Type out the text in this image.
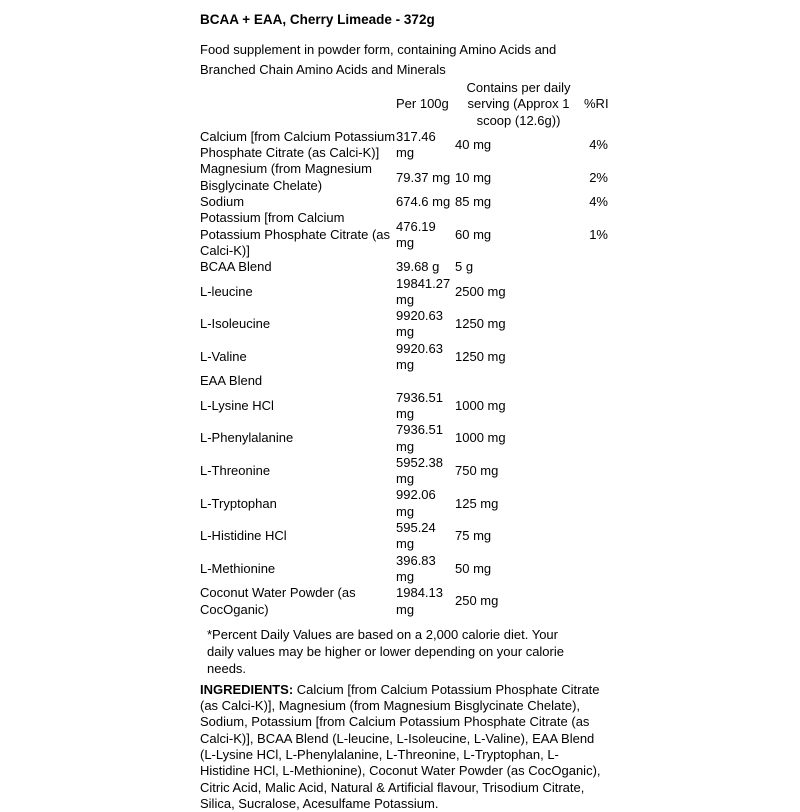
BCAA + EAA, Cherry Limeade - 372g

Food supplement in powder form, containing Amino Acids and Branched Chain Amino Acids and Minerals

	Per 100g	Contains per daily serving (Approx 1 scoop (12.6g))	%RI
Calcium [from Calcium Potassium Phosphate Citrate (as Calci-K)]	317.46 mg	40 mg	4%
Magnesium (from Magnesium Bisglycinate Chelate)	79.37 mg	10 mg	2%
Sodium	674.6 mg	85 mg	4%
Potassium [from Calcium Potassium Phosphate Citrate (as Calci-K)]	476.19 mg	60 mg	1%
BCAA Blend	39.68 g	5 g	
L-leucine	19841.27 mg	2500 mg	
L-Isoleucine	9920.63 mg	1250 mg	
L-Valine	9920.63 mg	1250 mg	
EAA Blend			
L-Lysine HCl	7936.51 mg	1000 mg	
L-Phenylalanine	7936.51 mg	1000 mg	
L-Threonine	5952.38 mg	750 mg	
L-Tryptophan	992.06 mg	125 mg	
L-Histidine HCl	595.24 mg	75 mg	
L-Methionine	396.83 mg	50 mg	
Coconut Water Powder (as CocOganic)	1984.13 mg	250 mg	

*Percent Daily Values are based on a 2,000 calorie diet. Your daily values may be higher or lower depending on your calorie needs.

INGREDIENTS: Calcium [from Calcium Potassium Phosphate Citrate (as Calci-K)], Magnesium (from Magnesium Bisglycinate Chelate), Sodium, Potassium [from Calcium Potassium Phosphate Citrate (as Calci-K)], BCAA Blend (L-leucine, L-Isoleucine, L-Valine), EAA Blend (L-Lysine HCl, L-Phenylalanine, L-Threonine, L-Tryptophan, L-Histidine HCl, L-Methionine), Coconut Water Powder (as CocOganic), Citric Acid, Malic Acid, Natural & Artificial flavour, Trisodium Citrate, Silica, Sucralose, Acesulfame Potassium.
